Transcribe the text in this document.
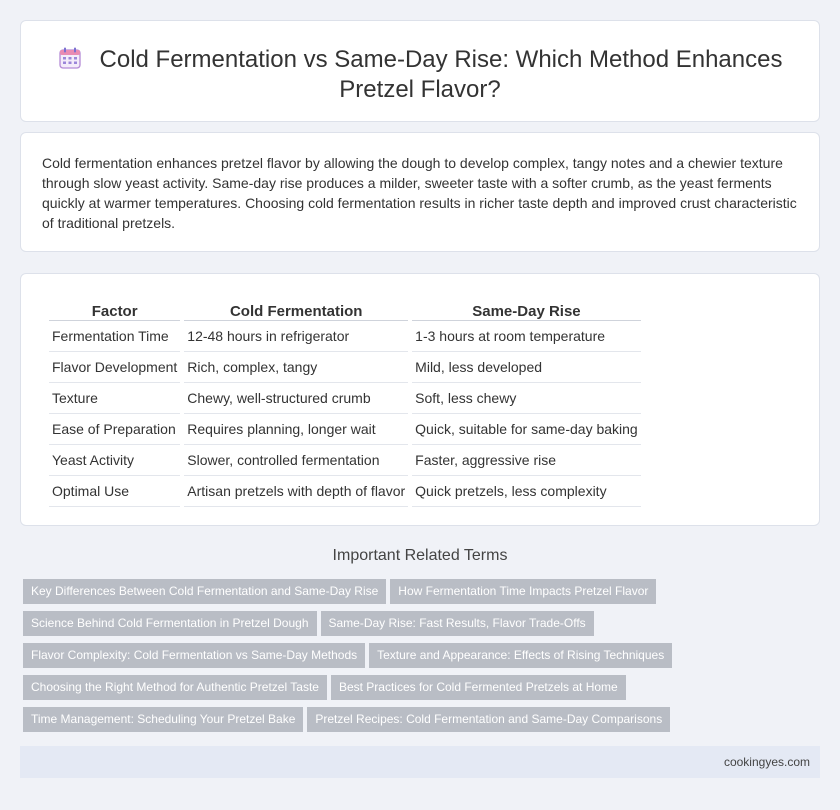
Cold Fermentation vs Same-Day Rise: Which Method Enhances
Pretzel Flavor?

Cold fermentation enhances pretzel flavor by allowing the dough to develop complex, tangy notes and a chewier texture through slow yeast activity. Same-day rise produces a milder, sweeter taste with a softer crumb, as the yeast ferments quickly at warmer temperatures. Choosing cold fermentation results in richer taste depth and improved crust characteristic of traditional pretzels.

Factor	Cold Fermentation	Same-Day Rise
Fermentation Time	12-48 hours in refrigerator	1-3 hours at room temperature
Flavor Development	Rich, complex, tangy	Mild, less developed
Texture	Chewy, well-structured crumb	Soft, less chewy
Ease of Preparation	Requires planning, longer wait	Quick, suitable for same-day baking
Yeast Activity	Slower, controlled fermentation	Faster, aggressive rise
Optimal Use	Artisan pretzels with depth of flavor	Quick pretzels, less complexity
Important Related Terms
Key Differences Between Cold Fermentation and Same-Day Rise How Fermentation Time Impacts Pretzel Flavor
Science Behind Cold Fermentation in Pretzel Dough Same-Day Rise: Fast Results, Flavor Trade-Offs
Flavor Complexity: Cold Fermentation vs Same-Day Methods Texture and Appearance: Effects of Rising Techniques
Choosing the Right Method for Authentic Pretzel Taste Best Practices for Cold Fermented Pretzels at Home
Time Management: Scheduling Your Pretzel Bake Pretzel Recipes: Cold Fermentation and Same-Day Comparisons
cookingyes.com
